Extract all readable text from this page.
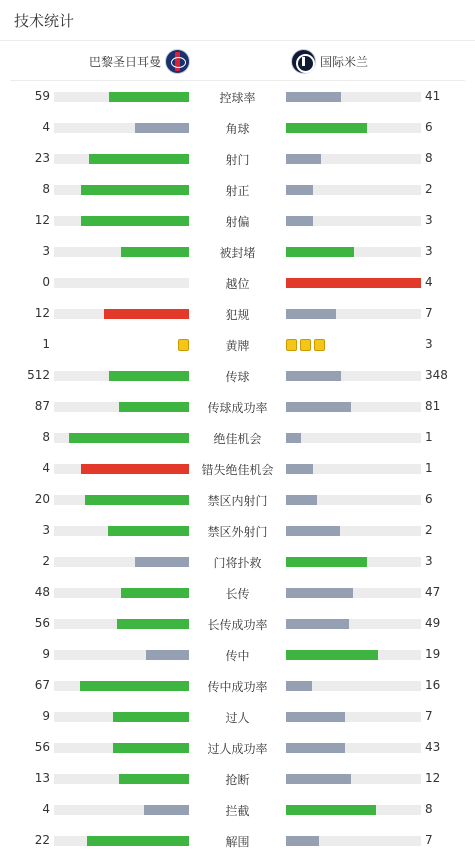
技术统计
巴黎圣日耳曼	国际米兰
59	控球率	41
4	角球	6
23	射门	8
8	射正	2
12	射偏	3
3	被封堵	3
0	越位	4
12	犯规	7
1	黄牌	3
512	传球	348
87	传球成功率	81
8	绝佳机会	1
4	错失绝佳机会	1
20	禁区内射门	6
3	禁区外射门	2
2	门将扑救	3
48	长传	47
56	长传成功率	49
9	传中	19
67	传中成功率	16
9	过人	7
56	过人成功率	43
13	抢断	12
4	拦截	8
22	解围	7
